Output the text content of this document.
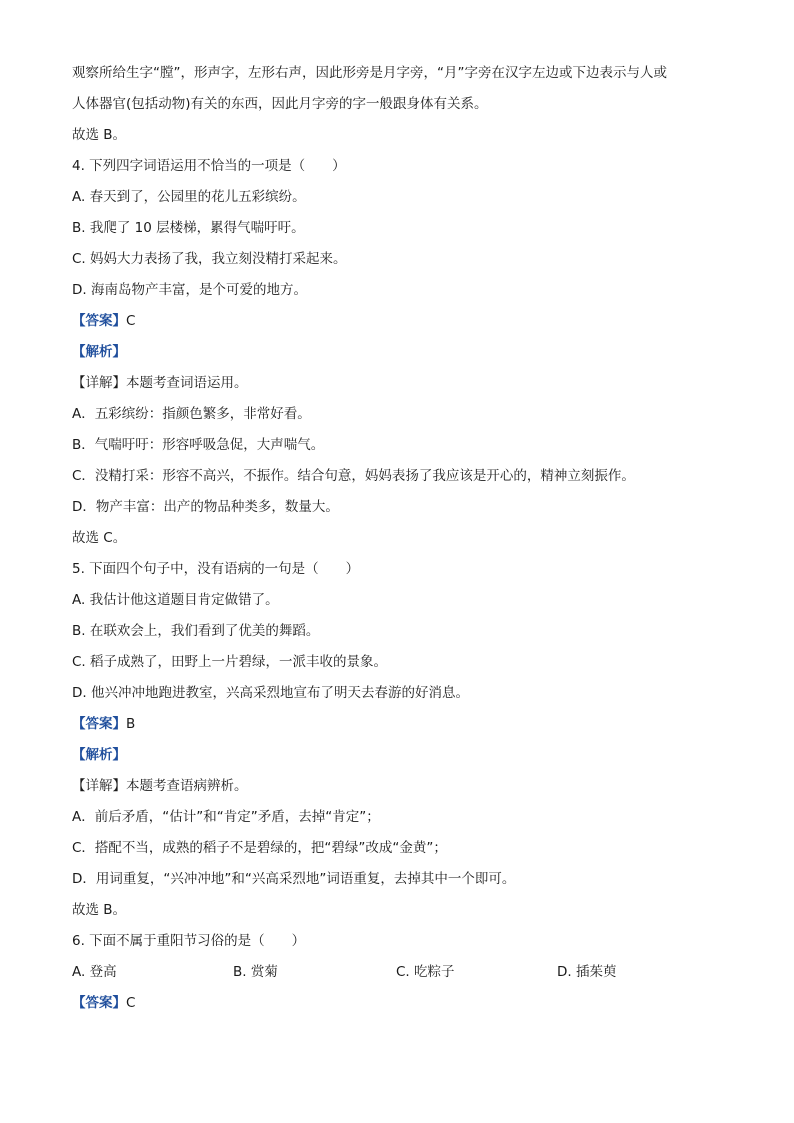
观察所给生字“膛”，形声字，左形右声，因此形旁是月字旁，“月”字旁在汉字左边或下边表示与人或

人体器官(包括动物)有关的东西，因此月字旁的字一般跟身体有关系。

故选 B。

4. 下列四字词语运用不恰当的一项是（　　）

A. 春天到了，公园里的花儿五彩缤纷。

B. 我爬了 10 层楼梯，累得气喘吁吁。

C. 妈妈大力表扬了我，我立刻没精打采起来。

D. 海南岛物产丰富，是个可爱的地方。

【答案】C

【解析】

【详解】本题考查词语运用。

A．五彩缤纷：指颜色繁多，非常好看。

B．气喘吁吁：形容呼吸急促，大声喘气。

C．没精打采：形容不高兴，不振作。结合句意，妈妈表扬了我应该是开心的，精神立刻振作。

D．物产丰富：出产的物品种类多，数量大。

故选 C。

5. 下面四个句子中，没有语病的一句是（　　）

A. 我估计他这道题目肯定做错了。

B. 在联欢会上，我们看到了优美的舞蹈。

C. 稻子成熟了，田野上一片碧绿，一派丰收的景象。

D. 他兴冲冲地跑进教室，兴高采烈地宣布了明天去春游的好消息。

【答案】B

【解析】

【详解】本题考查语病辨析。

A．前后矛盾，“估计”和“肯定”矛盾，去掉“肯定”；

C．搭配不当，成熟的稻子不是碧绿的，把“碧绿”改成“金黄”；

D．用词重复，“兴冲冲地”和“兴高采烈地”词语重复，去掉其中一个即可。

故选 B。

6. 下面不属于重阳节习俗的是（　　）

A. 登高	B. 赏菊	C. 吃粽子	D. 插茱萸

【答案】C
